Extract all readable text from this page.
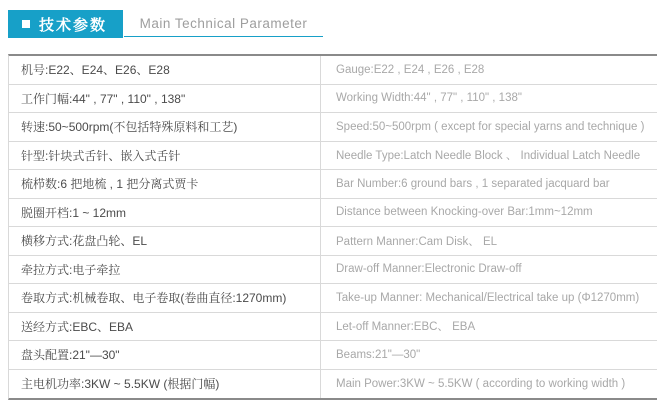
技术参数 Main Technical Parameter
机号:E22、E24、E26、E28	Gauge:E22 , E24 , E26 , E28
工作门幅:44" , 77" , 110" , 138"	Working Width:44" , 77" , 110" , 138"
转速:50~500rpm(不包括特殊原料和工艺)	Speed:50~500rpm ( except for special yarns and technique )
针型:针块式舌针、嵌入式舌针	Needle Type:Latch Needle Block 、 Individual Latch Needle
梳栉数:6 把地梳 , 1 把分离式贾卡	Bar Number:6 ground bars , 1 separated jacquard bar
脱圈开档:1 ~ 12mm	Distance between Knocking-over Bar:1mm~12mm
横移方式:花盘凸轮、EL	Pattern Manner:Cam Disk、 EL
牵拉方式:电子牵拉	Draw-off Manner:Electronic Draw-off
卷取方式:机械卷取、电子卷取(卷曲直径:1270mm)	Take-up Manner: Mechanical/Electrical take up (Φ1270mm)
送经方式:EBC、EBA	Let-off Manner:EBC、 EBA
盘头配置:21"—30"	Beams:21"—30"
主电机功率:3KW ~ 5.5KW (根据门幅)	Main Power:3KW ~ 5.5KW ( according to working width )
